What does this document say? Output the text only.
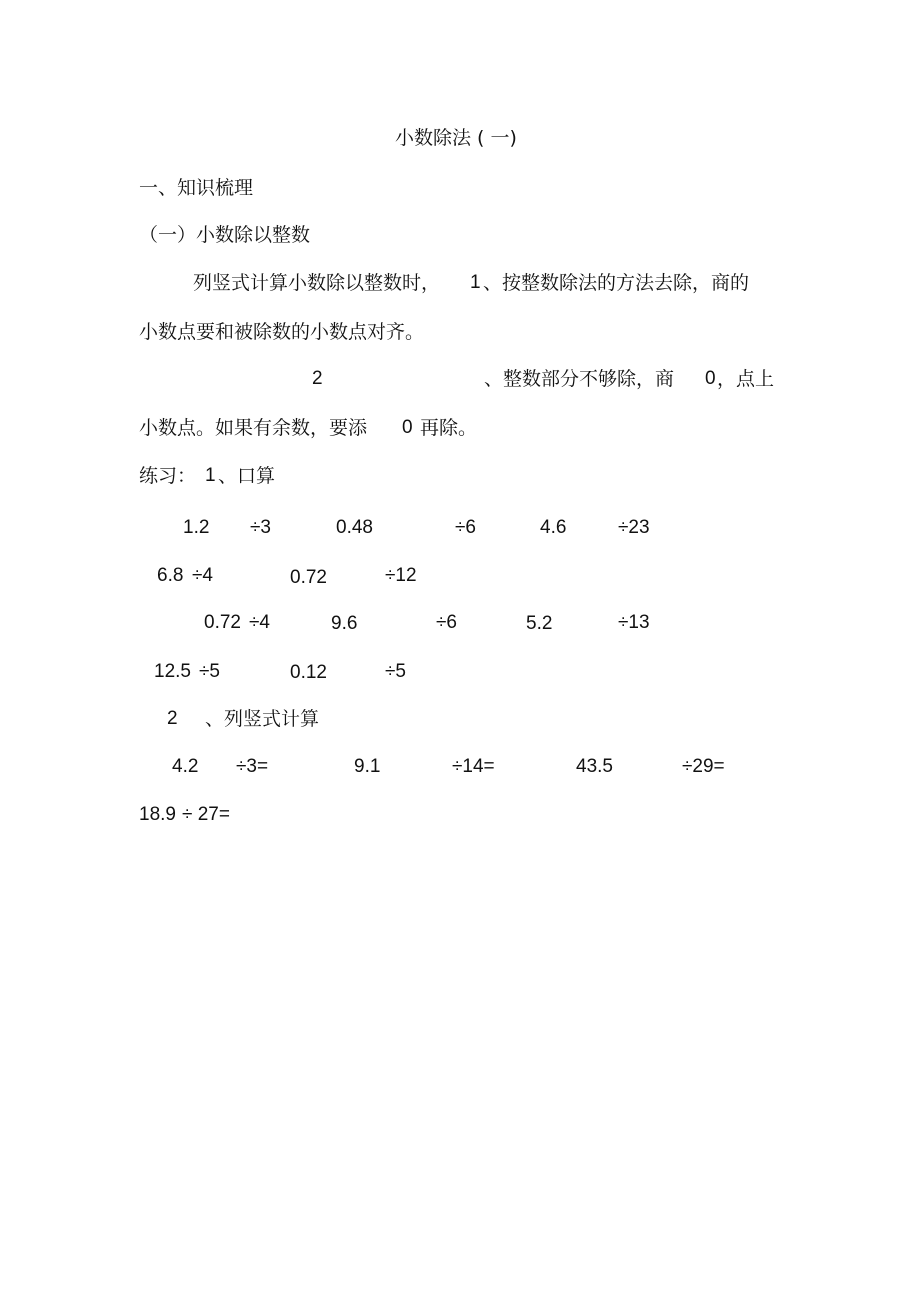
小数除法 ( 一)
一、知识梳理
（一）小数除以整数
列竖式计算小数除以整数时， 1 、按整数除法的方法去除，商的
小数点要和被除数的小数点对齐。
2	、整数部分不够除，商 0 ，点上
小数点。如果有余数，要添 0 再除。
练习： 1 、口算
1.2 ÷3	0.48	÷6	4.6	÷23
6.8 ÷4	0.72	÷12
0.72 ÷4	9.6	÷6	5.2	÷13
12.5 ÷5	0.12	÷5
2 、列竖式计算
4.2 ÷3=	9.1	÷14=	43.5	÷29=
18.9 ÷ 27=
